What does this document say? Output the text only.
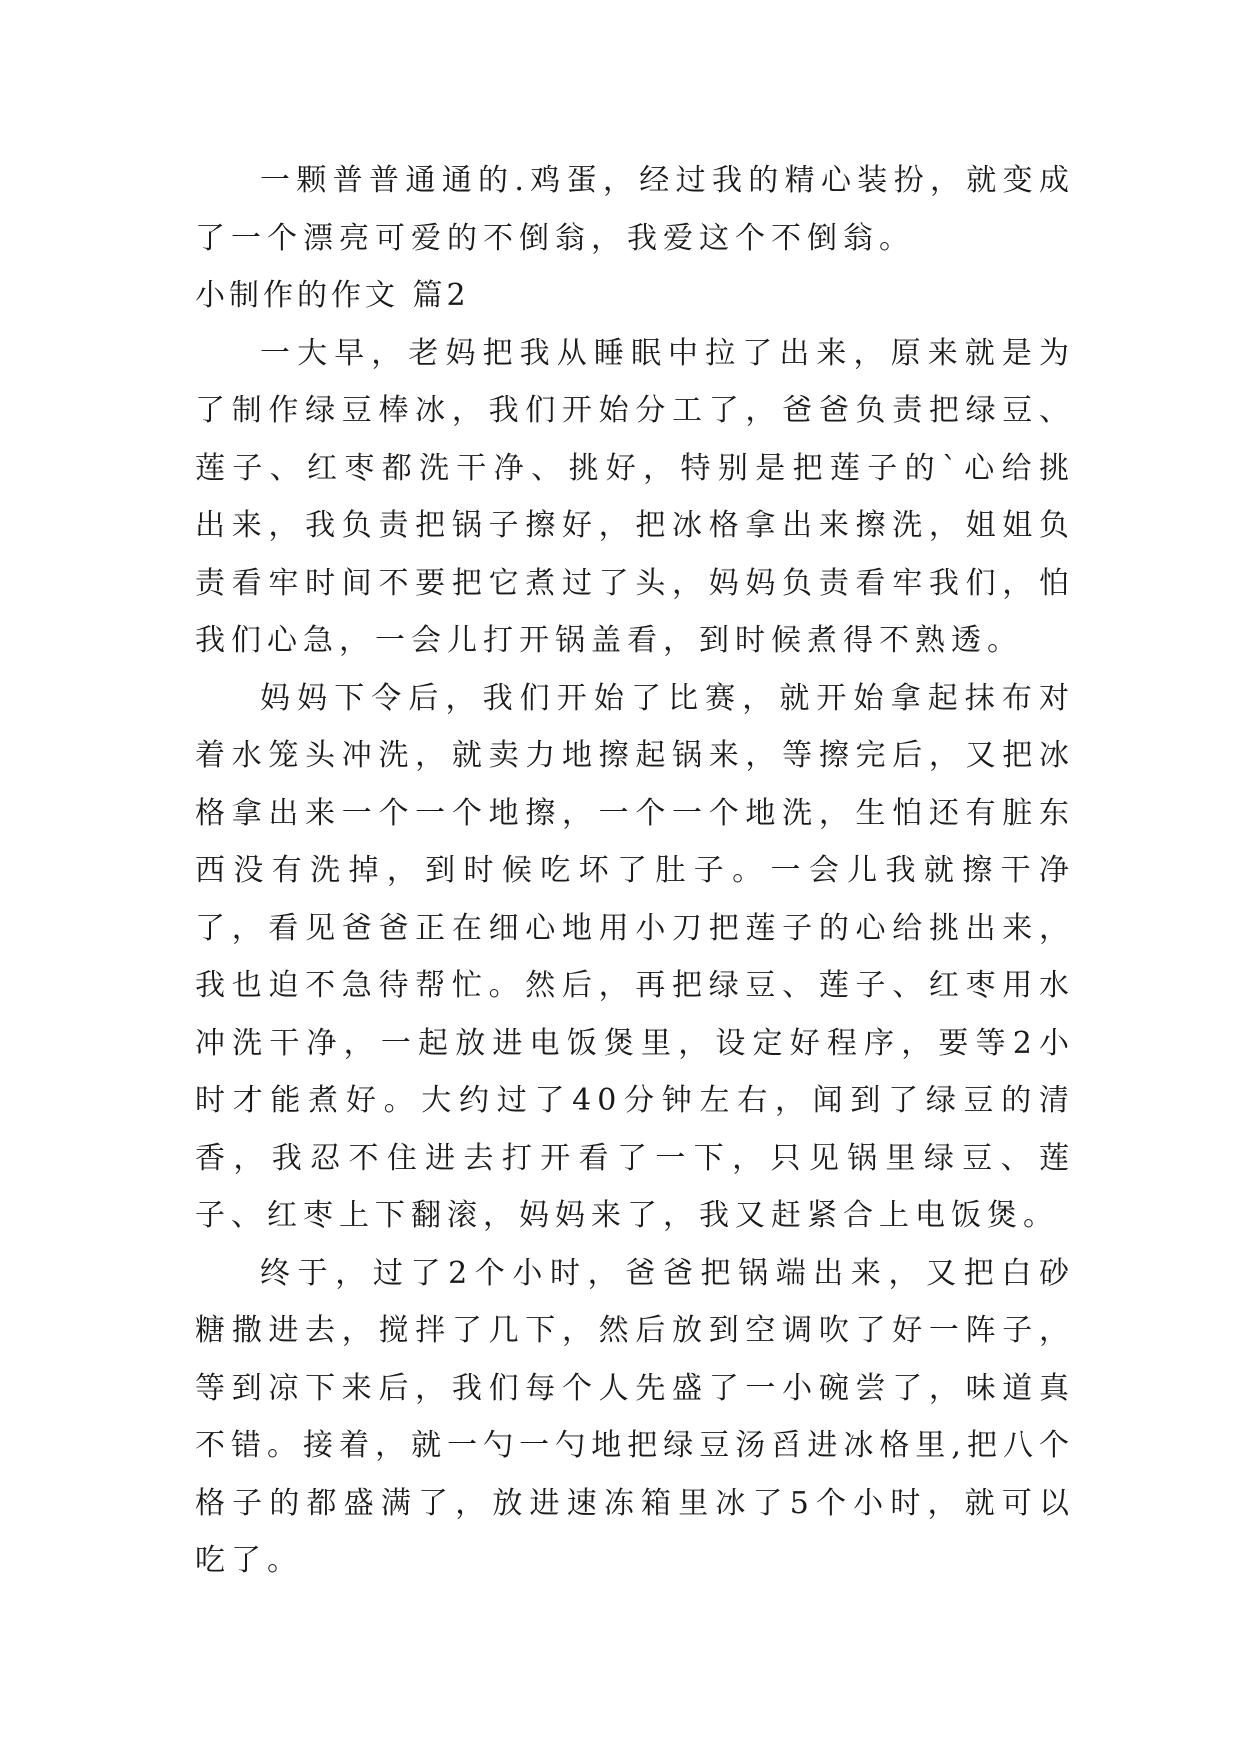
一颗普普通通的.鸡蛋，经过我的精心装扮，就变成了一个漂亮可爱的不倒翁，我爱这个不倒翁。

小制作的作文 篇2

一大早，老妈把我从睡眠中拉了出来，原来就是为了制作绿豆棒冰，我们开始分工了，爸爸负责把绿豆、莲子、红枣都洗干净、挑好，特别是把莲子的`心给挑出来，我负责把锅子擦好，把冰格拿出来擦洗，姐姐负责看牢时间不要把它煮过了头，妈妈负责看牢我们，怕我们心急，一会儿打开锅盖看，到时候煮得不熟透。

妈妈下令后，我们开始了比赛，就开始拿起抹布对着水笼头冲洗，就卖力地擦起锅来，等擦完后，又把冰格拿出来一个一个地擦，一个一个地洗，生怕还有脏东西没有洗掉，到时候吃坏了肚子。一会儿我就擦干净了，看见爸爸正在细心地用小刀把莲子的心给挑出来，我也迫不急待帮忙。然后，再把绿豆、莲子、红枣用水冲洗干净，一起放进电饭煲里，设定好程序，要等2小时才能煮好。大约过了40分钟左右，闻到了绿豆的清香，我忍不住进去打开看了一下，只见锅里绿豆、莲子、红枣上下翻滚，妈妈来了，我又赶紧合上电饭煲。

终于，过了2个小时，爸爸把锅端出来，又把白砂糖撒进去，搅拌了几下，然后放到空调吹了好一阵子，等到凉下来后，我们每个人先盛了一小碗尝了，味道真不错。接着，就一勺一勺地把绿豆汤舀进冰格里,把八个格子的都盛满了，放进速冻箱里冰了5个小时，就可以吃了。
